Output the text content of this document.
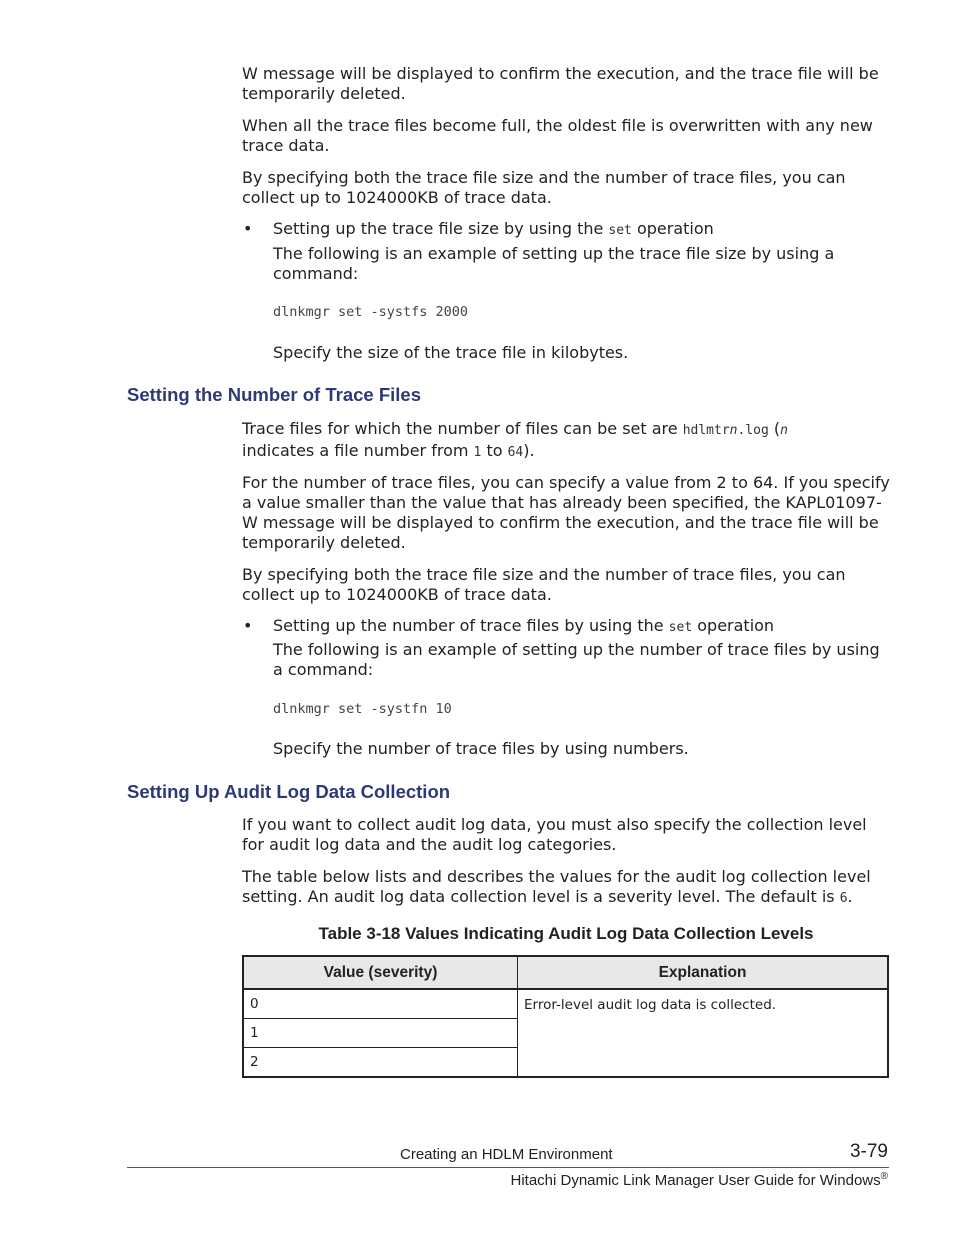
W message will be displayed to confirm the execution, and the trace file will be temporarily deleted.

When all the trace files become full, the oldest file is overwritten with any new trace data.

By specifying both the trace file size and the number of trace files, you can collect up to 1024000KB of trace data.

• Setting up the trace file size by using the set operation

The following is an example of setting up the trace file size by using a command:

dlnkmgr set -systfs 2000

Specify the size of the trace file in kilobytes.

Setting the Number of Trace Files

Trace files for which the number of files can be set are hdlmtrn.log (n
indicates a file number from 1 to 64).

For the number of trace files, you can specify a value from 2 to 64. If you specify a value smaller than the value that has already been specified, the KAPL01097-W message will be displayed to confirm the execution, and the trace file will be temporarily deleted.

By specifying both the trace file size and the number of trace files, you can collect up to 1024000KB of trace data.

• Setting up the number of trace files by using the set operation

The following is an example of setting up the number of trace files by using a command:

dlnkmgr set -systfn 10

Specify the number of trace files by using numbers.

Setting Up Audit Log Data Collection

If you want to collect audit log data, you must also specify the collection level for audit log data and the audit log categories.

The table below lists and describes the values for the audit log collection level setting. An audit log data collection level is a severity level. The default is 6.

Table 3-18 Values Indicating Audit Log Data Collection Levels
Value (severity)	Explanation
0	Error-level audit log data is collected.
1	
2	
Creating an HDLM Environment	3-79
Hitachi Dynamic Link Manager User Guide for Windows®
